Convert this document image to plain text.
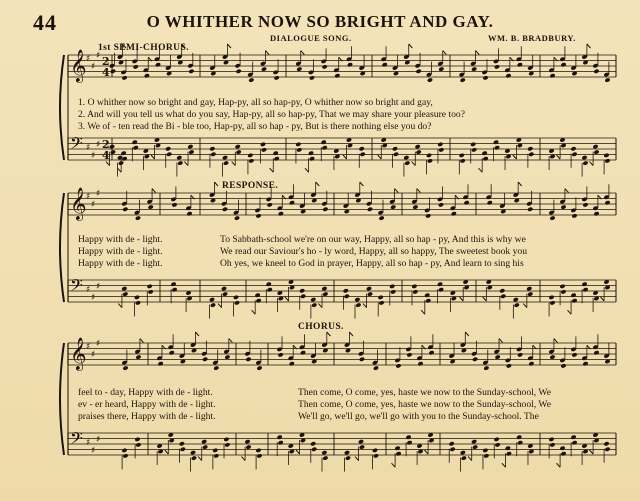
𝄞 ♯
♯
♯ 2
4
𝄢 ♯
♯
♯ 2
4
𝄞 ♯
♯
♯
𝄢 ♯
♯
♯
𝄞 ♯
♯
♯
𝄢 ♯
♯
♯
44	O WHITHER NOW SO BRIGHT AND GAY.
DIALOGUE SONG.	WM. B. BRADBURY.
1st SEMI-CHORUS.
RESPONSE.
CHORUS.
1. O whither now so bright and gay, Hap-py, all so hap-py, O whither now so bright and gay,
2. And will you tell us what do you say, Hap-py, all so hap-py, That we may share your pleasure too?
3. We of - ten read the Bi - ble too, Hap-py, all so hap - py, But is there nothing else you do?
Happy with de - light.
Happy with de - light.
Happy with de - light.
To Sabbath-school we're on our way, Happy, all so hap - py, And this is why we
We read our Saviour's ho - ly word, Happy, all so happy, The sweetest book you
Oh yes, we kneel to God in prayer, Happy, all so hap - py, And learn to sing his
feel to - day, Happy with de - light.
ev - er heard, Happy with de - light.
praises there, Happy with de - light.
Then come, O come, yes, haste we now to the Sunday-school, We
Then come, O come, yes, haste we now to the Sunday-school, We
We'll go, we'll go, we'll go with you to the Sunday-school. The
